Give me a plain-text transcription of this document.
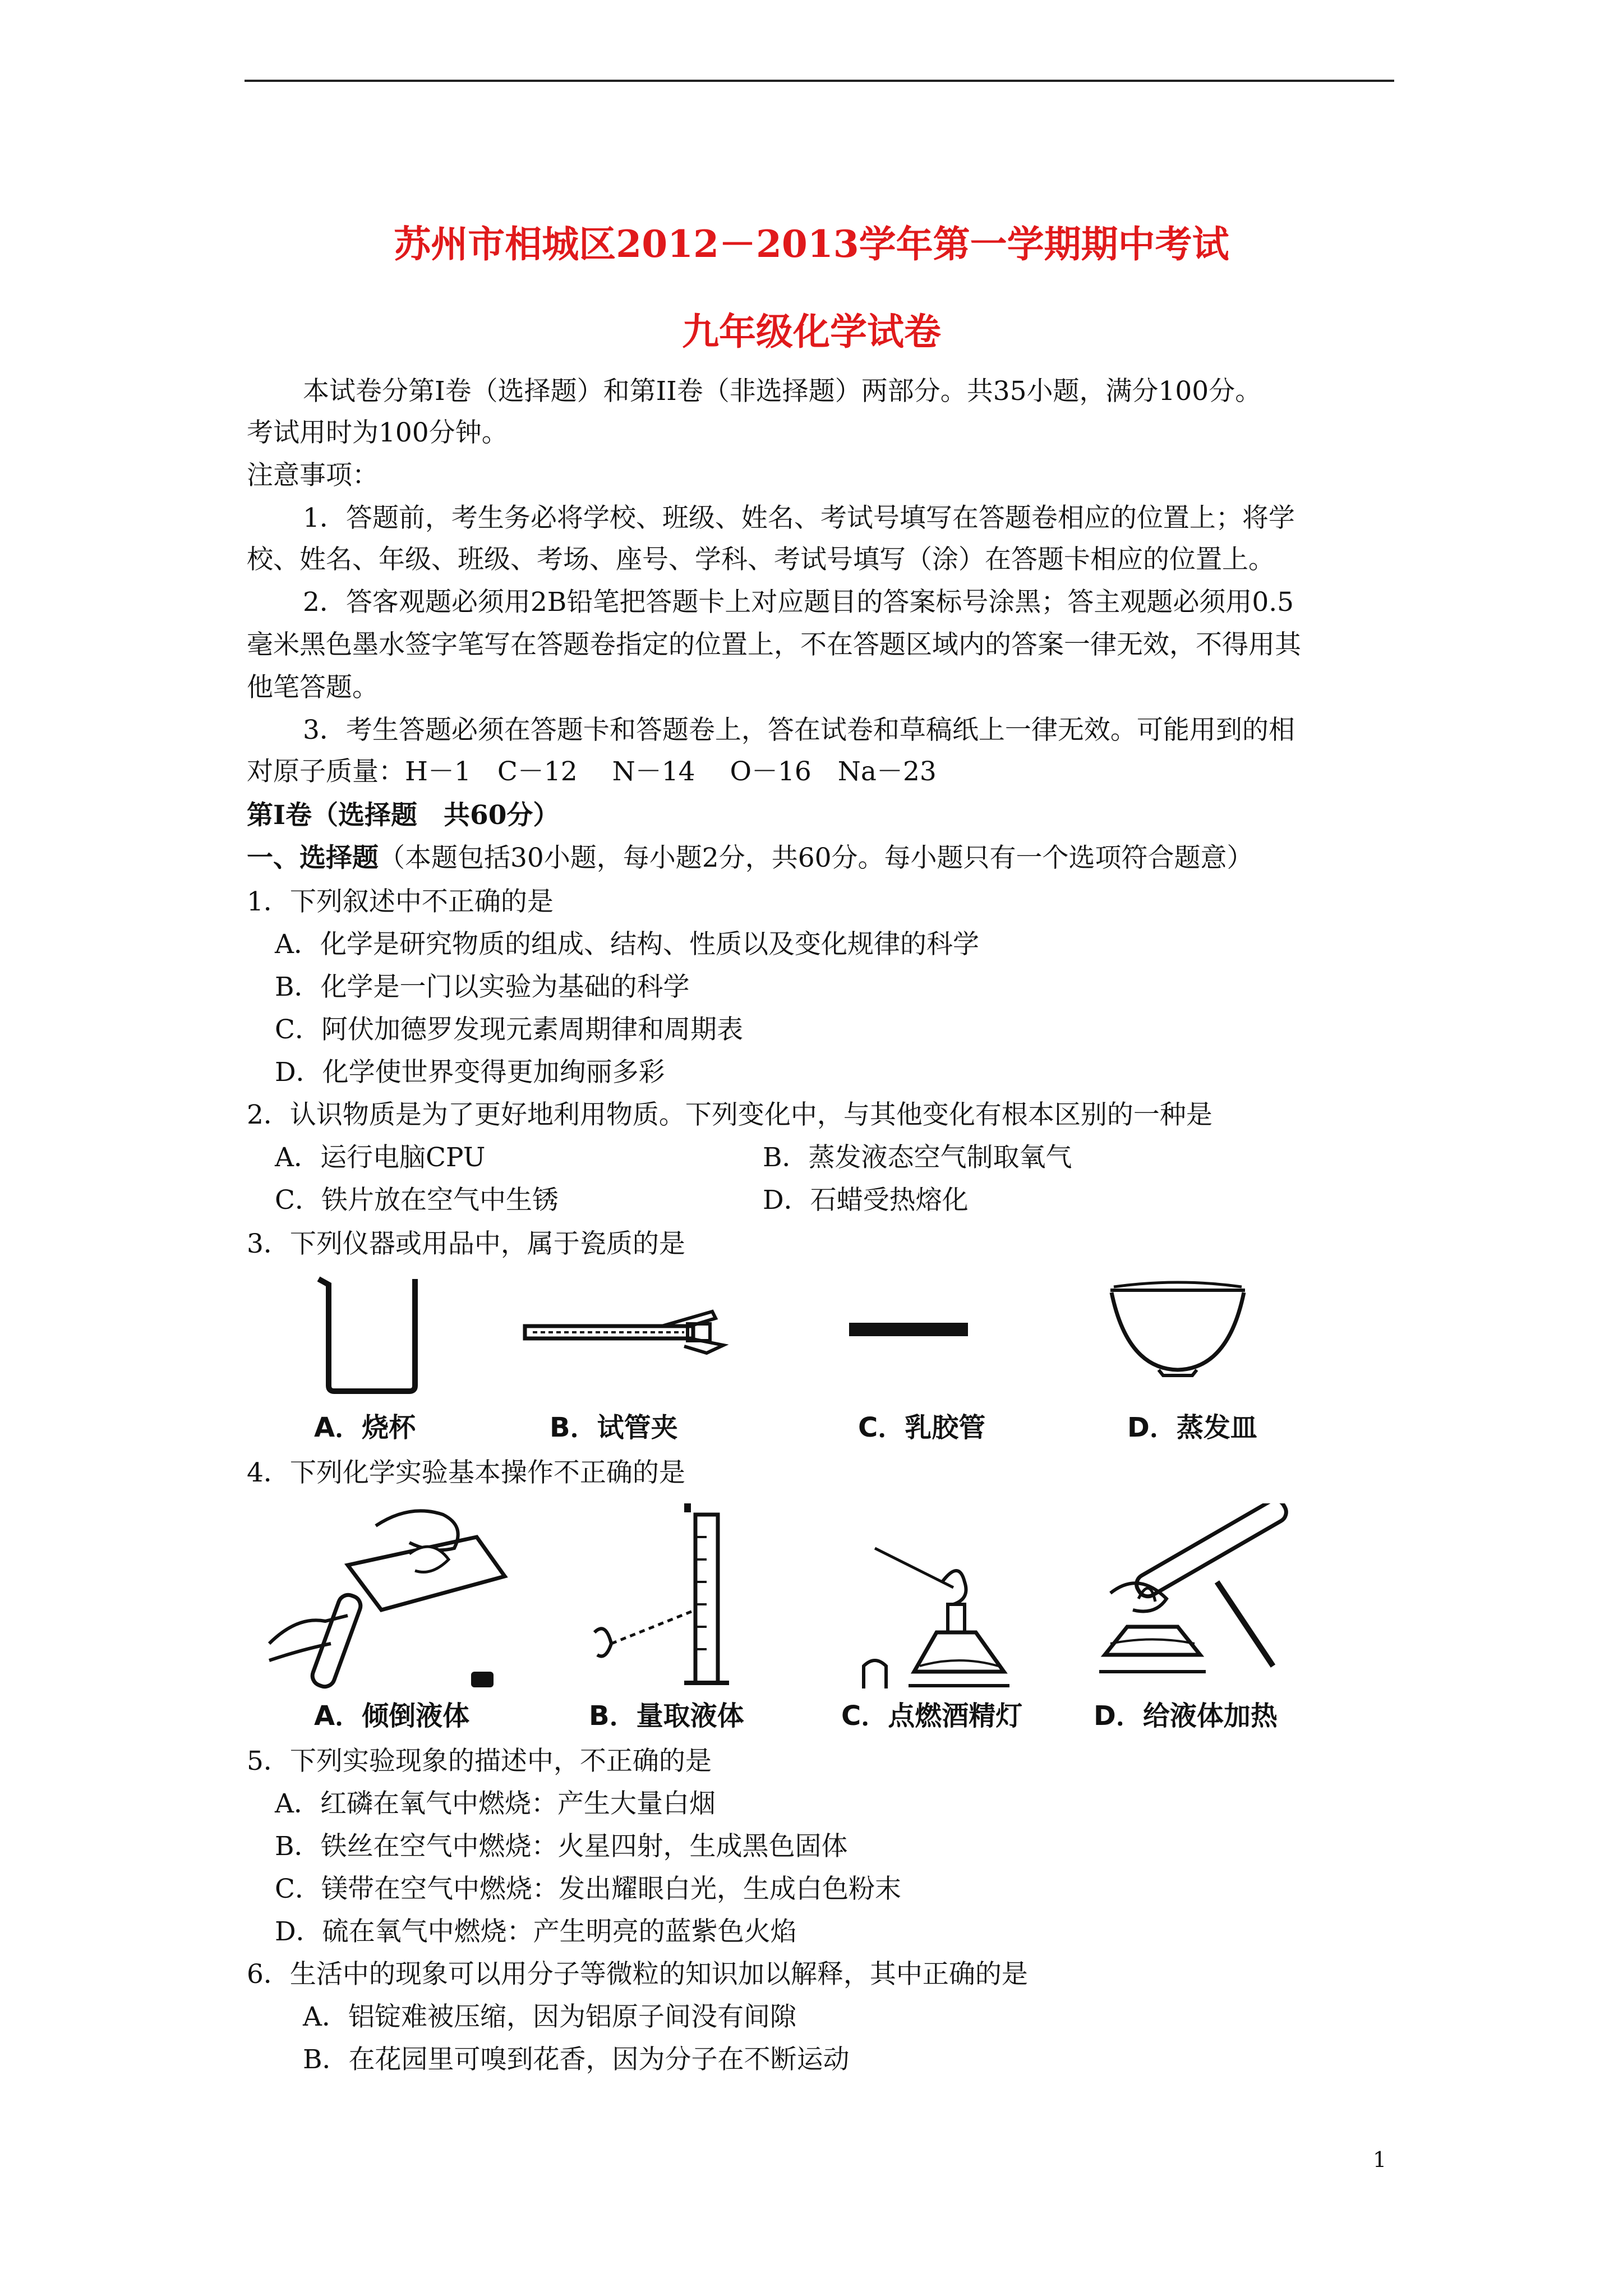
苏州市相城区2012－2013学年第一学期期中考试
九年级化学试卷
本试卷分第Ⅰ卷（选择题）和第II卷（非选择题）两部分。共35小题，满分100分。
考试用时为100分钟。
注意事项：
1．答题前，考生务必将学校、班级、姓名、考试号填写在答题卷相应的位置上；将学
校、姓名、年级、班级、考场、座号、学科、考试号填写（涂）在答题卡相应的位置上。
2．答客观题必须用2B铅笔把答题卡上对应题目的答案标号涂黑；答主观题必须用0.5
毫米黑色墨水签字笔写在答题卷指定的位置上，不在答题区域内的答案一律无效，不得用其
他笔答题。
3．考生答题必须在答题卡和答题卷上，答在试卷和草稿纸上一律无效。可能用到的相
对原子质量：H－1　C－12　 N－14　 O－16　Na－23
第Ⅰ卷（选择题　共60分）
一、选择题（本题包括30小题，每小题2分，共60分。每小题只有一个选项符合题意）
1．下列叙述中不正确的是
A．化学是研究物质的组成、结构、性质以及变化规律的科学
B．化学是一门以实验为基础的科学
C．阿伏加德罗发现元素周期律和周期表
D．化学使世界变得更加绚丽多彩
2．认识物质是为了更好地利用物质。下列变化中，与其他变化有根本区别的一种是
A．运行电脑CPU	B．蒸发液态空气制取氧气
C．铁片放在空气中生锈	D．石蜡受热熔化
3．下列仪器或用品中，属于瓷质的是
A．烧杯	B．试管夹	C．乳胶管	D．蒸发皿
4．下列化学实验基本操作不正确的是
A．倾倒液体	B．量取液体	C．点燃酒精灯	D．给液体加热
5．下列实验现象的描述中，不正确的是
A．红磷在氧气中燃烧：产生大量白烟
B．铁丝在空气中燃烧：火星四射，生成黑色固体
C．镁带在空气中燃烧：发出耀眼白光，生成白色粉末
D．硫在氧气中燃烧：产生明亮的蓝紫色火焰
6．生活中的现象可以用分子等微粒的知识加以解释，其中正确的是
A．铝锭难被压缩，因为铝原子间没有间隙
B．在花园里可嗅到花香，因为分子在不断运动
1
